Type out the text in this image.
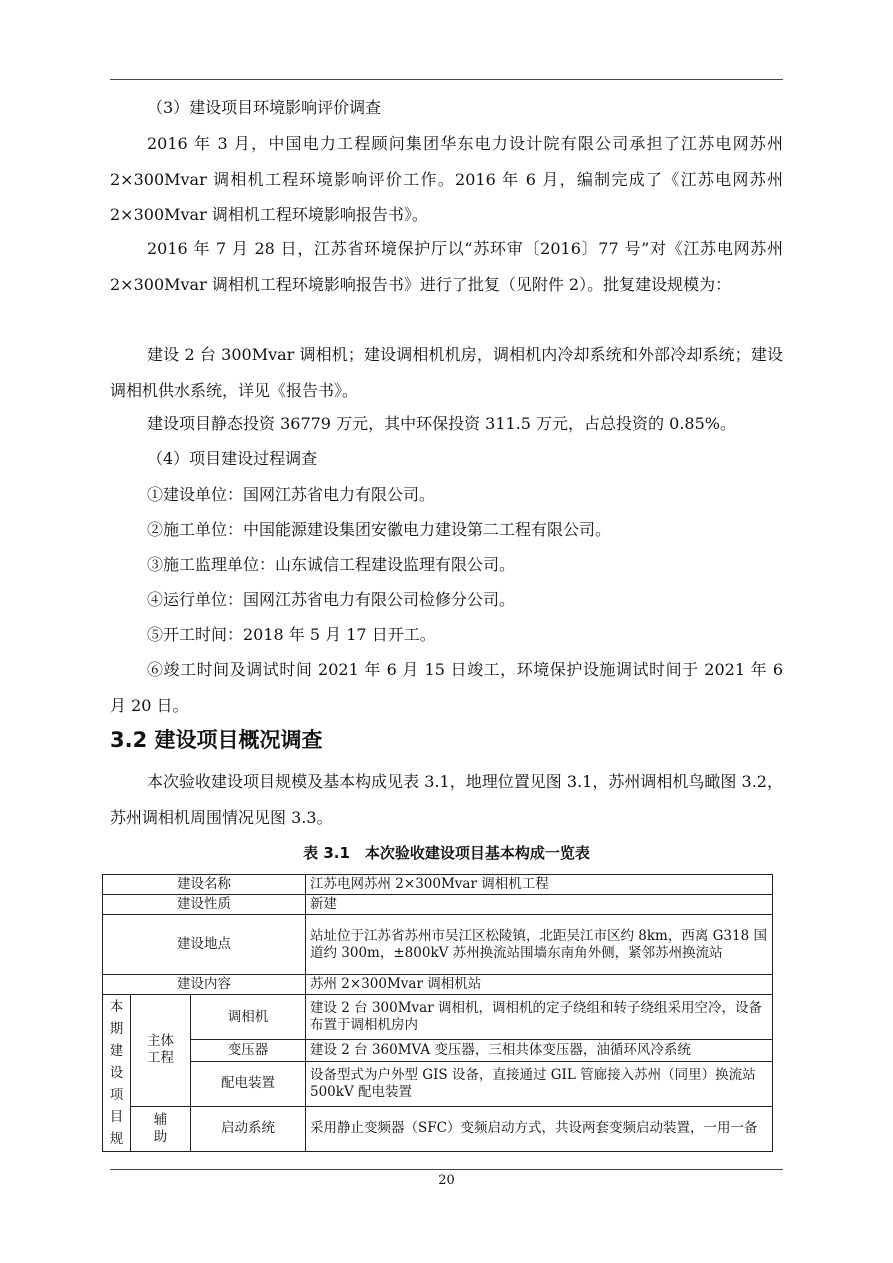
（3）建设项目环境影响评价调查

2016 年 3 月，中国电力工程顾问集团华东电力设计院有限公司承担了江苏电网苏州 2×300Mvar 调相机工程环境影响评价工作。2016 年 6 月，编制完成了《江苏电网苏州 2×300Mvar 调相机工程环境影响报告书》。

2016 年 7 月 28 日，江苏省环境保护厅以“苏环审〔2016〕77 号”对《江苏电网苏州 2×300Mvar 调相机工程环境影响报告书》进行了批复（见附件 2）。批复建设规模为：

建设 2 台 300Mvar 调相机；建设调相机机房，调相机内冷却系统和外部冷却系统；建设调相机供水系统，详见《报告书》。

建设项目静态投资 36779 万元，其中环保投资 311.5 万元，占总投资的 0.85%。

（4）项目建设过程调查

①建设单位：国网江苏省电力有限公司。

②施工单位：中国能源建设集团安徽电力建设第二工程有限公司。

③施工监理单位：山东诚信工程建设监理有限公司。

④运行单位：国网江苏省电力有限公司检修分公司。

⑤开工时间：2018 年 5 月 17 日开工。

⑥竣工时间及调试时间 2021 年 6 月 15 日竣工，环境保护设施调试时间于 2021 年 6 月 20 日。

3.2 建设项目概况调查

本次验收建设项目规模及基本构成见表 3.1，地理位置见图 3.1，苏州调相机鸟瞰图 3.2，苏州调相机周围情况见图 3.3。

表 3.1　本次验收建设项目基本构成一览表

建设名称			江苏电网苏州 2×300Mvar 调相机工程
建设性质			新建
建设地点			站址位于江苏省苏州市吴江区松陵镇，北距吴江市区约 8km，西离 G318 国道约 300m，±800kV 苏州换流站围墙东南角外侧，紧邻苏州换流站
建设内容			苏州 2×300Mvar 调相机站

本期建设项目规	主体工程	调相机	建设 2 台 300Mvar 调相机，调相机的定子绕组和转子绕组采用空冷，设备布置于调相机房内
		变压器	建设 2 台 360MVA 变压器，三相共体变压器，油循环风冷系统
		配电装置	设备型式为户外型 GIS 设备，直接通过 GIL 管廊接入苏州（同里）换流站 500kV 配电装置

	辅助	启动系统	采用静止变频器（SFC）变频启动方式，共设两套变频启动装置，一用一备
20
